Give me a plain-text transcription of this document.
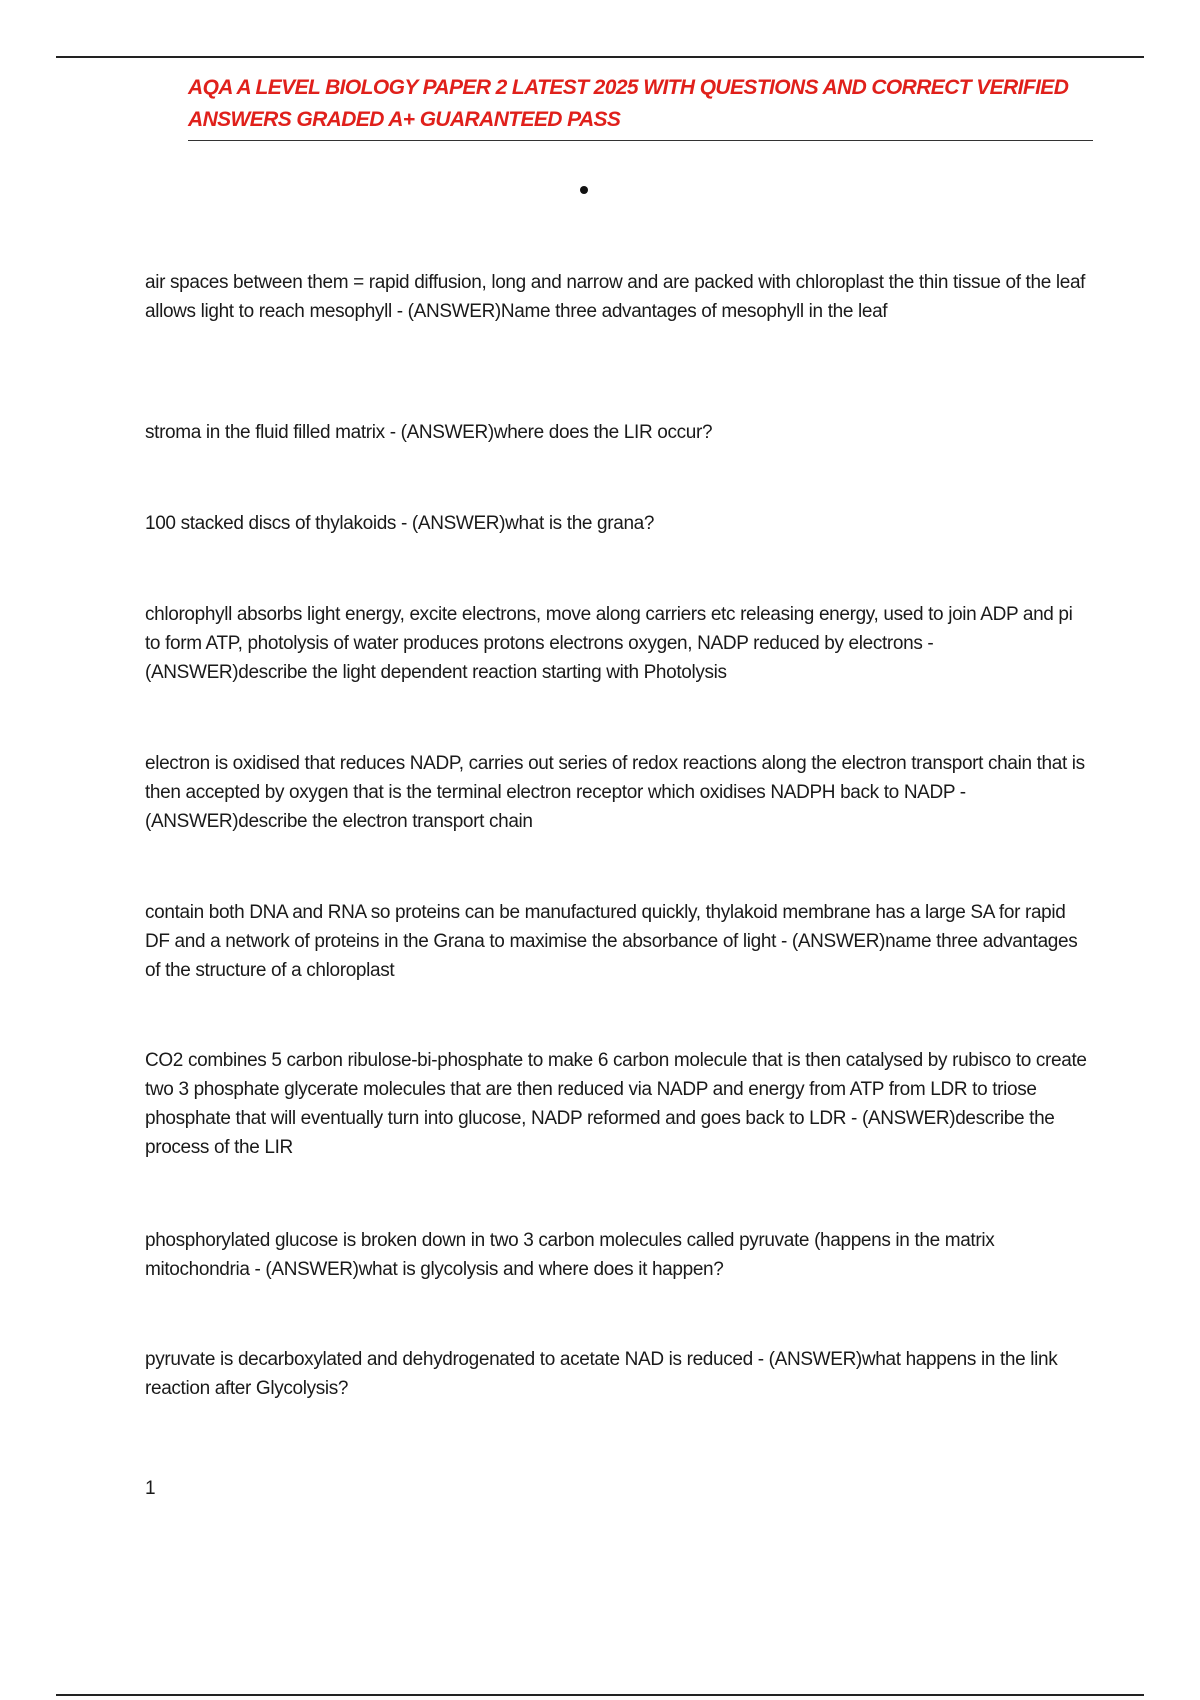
AQA A LEVEL BIOLOGY PAPER 2 LATEST 2025 WITH QUESTIONS AND CORRECT VERIFIED ANSWERS GRADED A+ GUARANTEED PASS

air spaces between them = rapid diffusion, long and narrow and are packed with chloroplast the thin tissue of the leaf allows light to reach mesophyll - (ANSWER)Name three advantages of mesophyll in the leaf

stroma in the fluid filled matrix - (ANSWER)where does the LIR occur?

100 stacked discs of thylakoids - (ANSWER)what is the grana?

chlorophyll absorbs light energy, excite electrons, move along carriers etc releasing energy, used to join ADP and pi to form ATP, photolysis of water produces protons electrons oxygen, NADP reduced by electrons - (ANSWER)describe the light dependent reaction starting with Photolysis

electron is oxidised that reduces NADP, carries out series of redox reactions along the electron transport chain that is then accepted by oxygen that is the terminal electron receptor which oxidises NADPH back to NADP - (ANSWER)describe the electron transport chain

contain both DNA and RNA so proteins can be manufactured quickly, thylakoid membrane has a large SA for rapid DF and a network of proteins in the Grana to maximise the absorbance of light - (ANSWER)name three advantages of the structure of a chloroplast

CO2 combines 5 carbon ribulose-bi-phosphate to make 6 carbon molecule that is then catalysed by rubisco to create two 3 phosphate glycerate molecules that are then reduced via NADP and energy from ATP from LDR to triose phosphate that will eventually turn into glucose, NADP reformed and goes back to LDR - (ANSWER)describe the process of the LIR

phosphorylated glucose is broken down in two 3 carbon molecules called pyruvate (happens in the matrix mitochondria - (ANSWER)what is glycolysis and where does it happen?

pyruvate is decarboxylated and dehydrogenated to acetate NAD is reduced - (ANSWER)what happens in the link reaction after Glycolysis?

1
